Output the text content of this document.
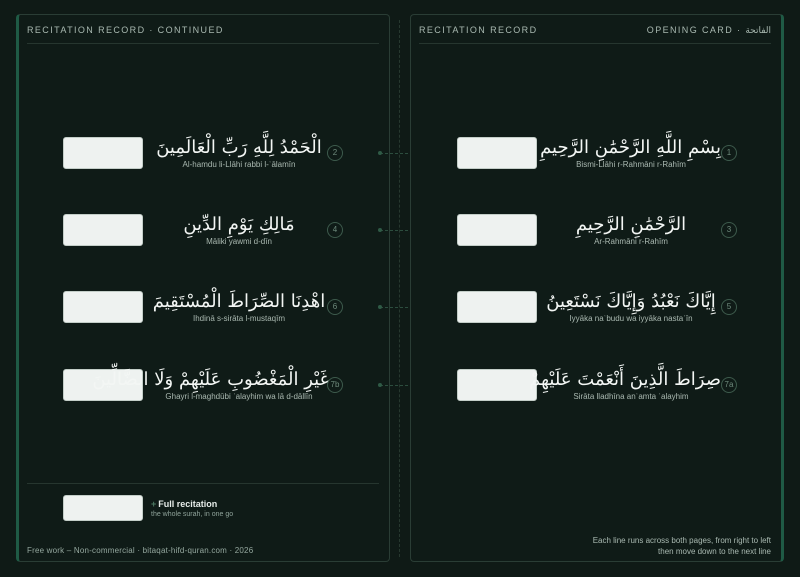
RECITATION RECORD · CONTINUED
الْحَمْدُ لِلَّهِ رَبِّ الْعَالَمِينَ
Al-hamdu li-Llāhi rabbi l-ʿālamīn
2
مَالِكِ يَوْمِ الدِّينِ
Māliki yawmi d-dīn
4
اهْدِنَا الصِّرَاطَ الْمُسْتَقِيمَ
Ihdinā s-sirāta l-mustaqīm
6
غَيْرِ الْمَغْضُوبِ عَلَيْهِمْ وَلَا الضَّالِّينَ
Ghayri l-maghdūbi ʿalayhim wa lā d-dāllīn
7b
+ Full recitation
the whole surah, in one go
Free work – Non-commercial · bitaqat-hifd-quran.com · 2026
RECITATION RECORD	OPENING CARD · الفاتحة
بِسْمِ اللَّهِ الرَّحْمَٰنِ الرَّحِيمِ
Bismi-Llāhi r-Rahmāni r-Rahīm
1
الرَّحْمَٰنِ الرَّحِيمِ
Ar-Rahmāni r-Rahīm
3
إِيَّاكَ نَعْبُدُ وَإِيَّاكَ نَسْتَعِينُ
Iyyāka naʿbudu wa iyyāka nastaʿīn
5
صِرَاطَ الَّذِينَ أَنْعَمْتَ عَلَيْهِمْ
Sirāta lladhīna anʿamta ʿalayhim
7a
Each line runs across both pages, from right to left
then move down to the next line
